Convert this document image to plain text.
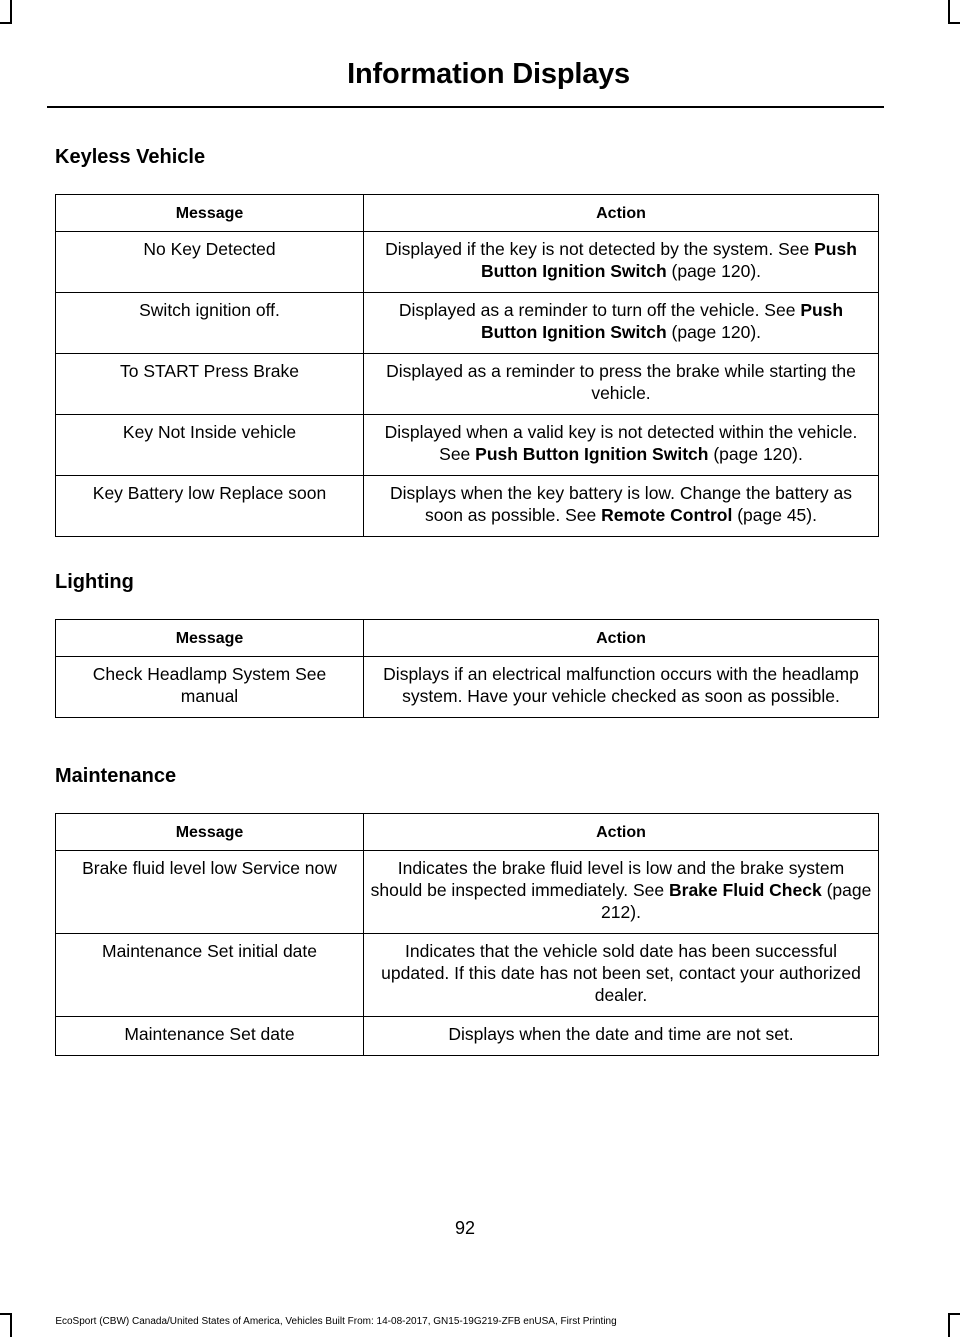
Information Displays
Keyless Vehicle
Message	Action
No Key Detected	Displayed if the key is not detected by the system. See Push Button Ignition Switch (page 120).
Switch ignition off.	Displayed as a reminder to turn off the vehicle. See Push Button Ignition Switch (page 120).
To START Press Brake	Displayed as a reminder to press the brake while starting the vehicle.
Key Not Inside vehicle	Displayed when a valid key is not detected within the vehicle. See Push Button Ignition Switch (page 120).
Key Battery low Replace soon	Displays when the key battery is low. Change the battery as soon as possible. See Remote Control (page 45).
Lighting
Message	Action
Check Headlamp System See manual	Displays if an electrical malfunction occurs with the headlamp system. Have your vehicle checked as soon as possible.
Maintenance
Message	Action
Brake fluid level low Service now	Indicates the brake fluid level is low and the brake system should be inspected immediately. See Brake Fluid Check (page 212).
Maintenance Set initial date	Indicates that the vehicle sold date has been successful updated. If this date has not been set, contact your authorized dealer.
Maintenance Set date	Displays when the date and time are not set.
92
EcoSport (CBW) Canada/United States of America, Vehicles Built From: 14-08-2017, GN15-19G219-ZFB enUSA, First Printing
